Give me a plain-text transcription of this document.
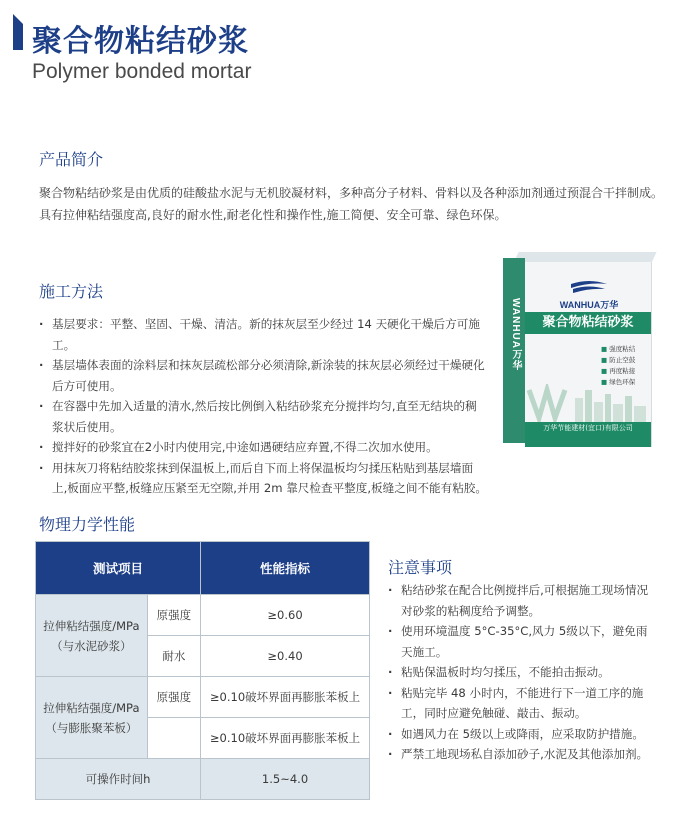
聚合物粘结砂浆
Polymer bonded mortar
产品简介
聚合物粘结砂浆是由优质的硅酸盐水泥与无机胶凝材料，多种高分子材料、骨料以及各种添加剂通过预混合干拌制成。具有拉伸粘结强度高,良好的耐水性,耐老化性和操作性,施工简便、安全可靠、绿色环保。
施工方法
· 基层要求：平整、坚固、干燥、清洁。新的抹灰层至少经过 14 天硬化干燥后方可施工。
· 基层墙体表面的涂料层和抹灰层疏松部分必须清除,新涂装的抹灰层必须经过干燥硬化后方可使用。
· 在容器中先加入适量的清水,然后按比例倒入粘结砂浆充分搅拌均匀,直至无结块的稠浆状后使用。
· 搅拌好的砂浆宜在2小时内使用完,中途如遇硬结应弃置,不得二次加水使用。
· 用抹灰刀将粘结胶浆抹到保温板上,而后自下而上将保温板均匀揉压粘贴到基层墙面上,板面应平整,板缝应压紧至无空隙,并用 2m 靠尺检查平整度,板缝之间不能有粘胶。
WANHUA万华	WANHUA万华
聚合物粘结砂浆
■ 强度粘结
■ 防止空鼓
■ 再度粘接
■ 绿色环保
万华节能建材(宜口)有限公司
物理力学性能
测试项目		性能指标
拉伸粘结强度/MPa
（与水泥砂浆）	原强度	≥0.60
	耐水	≥0.40
拉伸粘结强度/MPa
（与膨胀聚苯板）	原强度	≥0.10破坏界面再膨胀苯板上
		≥0.10破坏界面再膨胀苯板上
可操作时间h		1.5~4.0
注意事项
· 粘结砂浆在配合比例搅拌后,可根据施工现场情况对砂浆的粘稠度给予调整。
· 使用环境温度 5°C-35°C,风力 5级以下，避免雨天施工。
· 粘贴保温板时均匀揉压，不能拍击振动。
· 粘贴完毕 48 小时内，不能进行下一道工序的施工，同时应避免触碰、敲击、振动。
· 如遇风力在 5级以上或降雨，应采取防护措施。
· 严禁工地现场私自添加砂子,水泥及其他添加剂。
